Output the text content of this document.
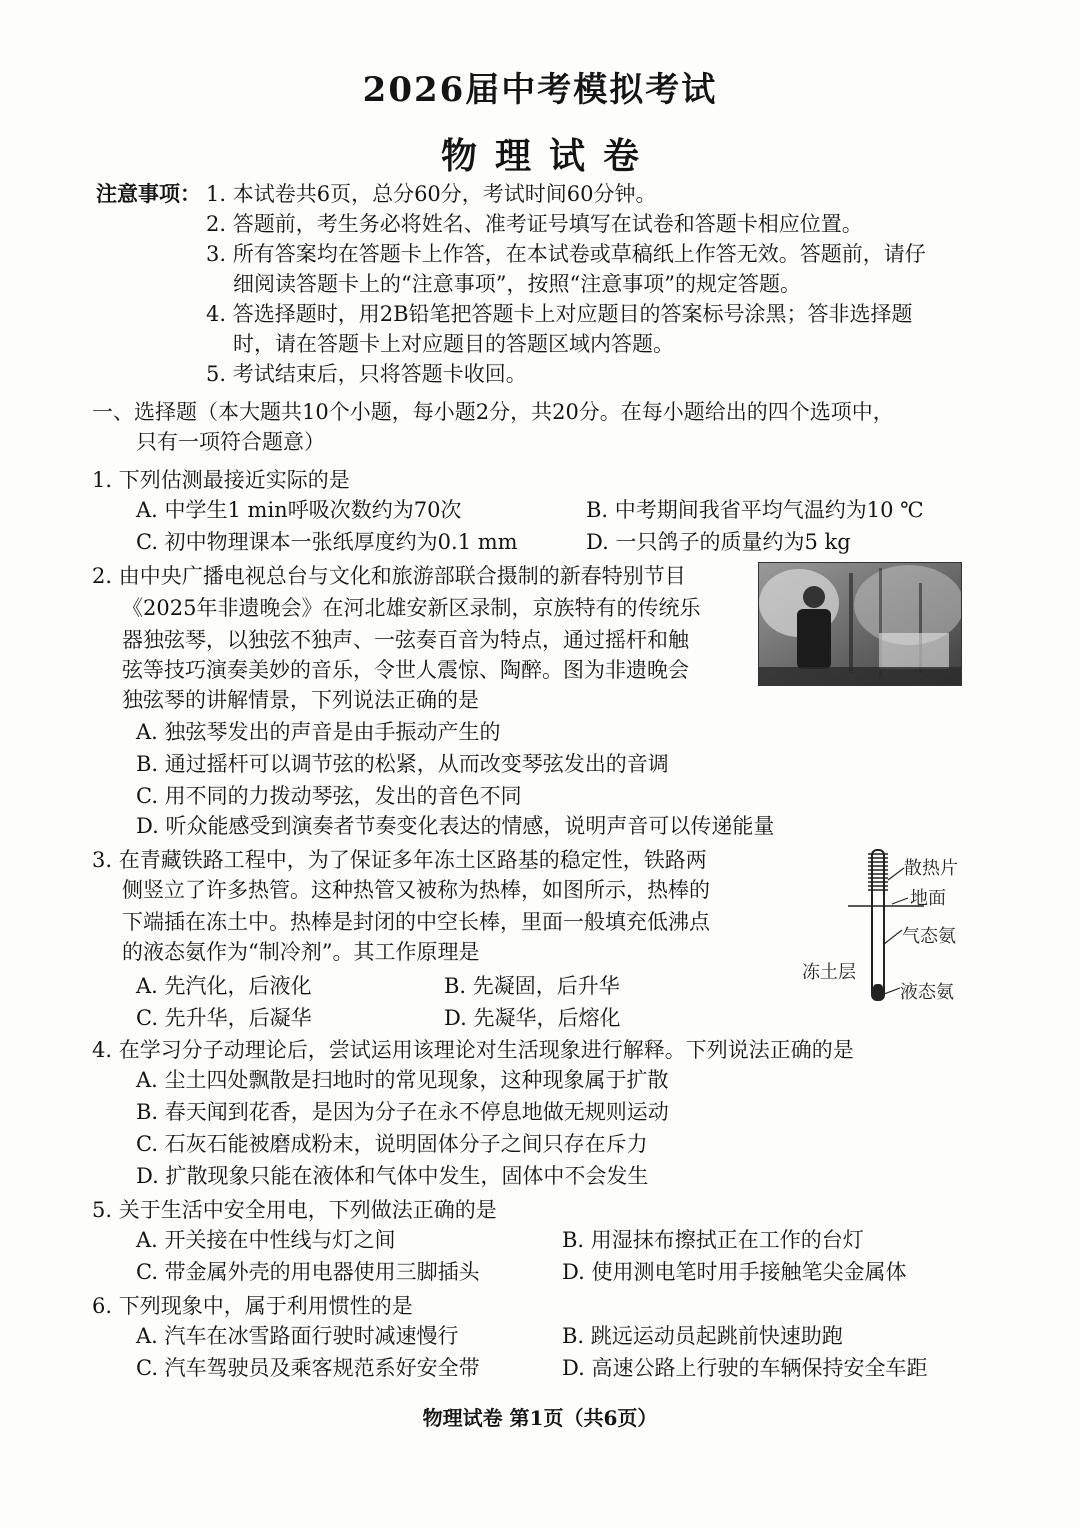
2026届中考模拟考试
物理试卷
注意事项： 1. 本试卷共6页，总分60分，考试时间60分钟。
2. 答题前，考生务必将姓名、准考证号填写在试卷和答题卡相应位置。
3. 所有答案均在答题卡上作答，在本试卷或草稿纸上作答无效。答题前，请仔
细阅读答题卡上的“注意事项”，按照“注意事项”的规定答题。
4. 答选择题时，用2B铅笔把答题卡上对应题目的答案标号涂黑；答非选择题
时，请在答题卡上对应题目的答题区域内答题。
5. 考试结束后，只将答题卡收回。
一、选择题（本大题共10个小题，每小题2分，共20分。在每小题给出的四个选项中，
只有一项符合题意）
1. 下列估测最接近实际的是
A. 中学生1 min呼吸次数约为70次	B. 中考期间我省平均气温约为10 ℃
C. 初中物理课本一张纸厚度约为0.1 mm	D. 一只鸽子的质量约为5 kg
2. 由中央广播电视总台与文化和旅游部联合摄制的新春特别节目
《2025年非遗晚会》在河北雄安新区录制，京族特有的传统乐
器独弦琴，以独弦不独声、一弦奏百音为特点，通过摇杆和触
弦等技巧演奏美妙的音乐，令世人震惊、陶醉。图为非遗晚会
独弦琴的讲解情景，下列说法正确的是
A. 独弦琴发出的声音是由手振动产生的
B. 通过摇杆可以调节弦的松紧，从而改变琴弦发出的音调
C. 用不同的力拨动琴弦，发出的音色不同
D. 听众能感受到演奏者节奏变化表达的情感，说明声音可以传递能量
3. 在青藏铁路工程中，为了保证多年冻土区路基的稳定性，铁路两
侧竖立了许多热管。这种热管又被称为热棒，如图所示，热棒的
下端插在冻土中。热棒是封闭的中空长棒，里面一般填充低沸点
的液态氨作为“制冷剂”。其工作原理是
A. 先汽化，后液化	B. 先凝固，后升华
C. 先升华，后凝华	D. 先凝华，后熔化
散热片
地面
气态氨
冻土层
液态氨
4. 在学习分子动理论后，尝试运用该理论对生活现象进行解释。下列说法正确的是
A. 尘土四处飘散是扫地时的常见现象，这种现象属于扩散
B. 春天闻到花香，是因为分子在永不停息地做无规则运动
C. 石灰石能被磨成粉末，说明固体分子之间只存在斥力
D. 扩散现象只能在液体和气体中发生，固体中不会发生
5. 关于生活中安全用电，下列做法正确的是
A. 开关接在中性线与灯之间	B. 用湿抹布擦拭正在工作的台灯
C. 带金属外壳的用电器使用三脚插头	D. 使用测电笔时用手接触笔尖金属体
6. 下列现象中，属于利用惯性的是
A. 汽车在冰雪路面行驶时减速慢行	B. 跳远运动员起跳前快速助跑
C. 汽车驾驶员及乘客规范系好安全带	D. 高速公路上行驶的车辆保持安全车距
物理试卷 第1页（共6页）
